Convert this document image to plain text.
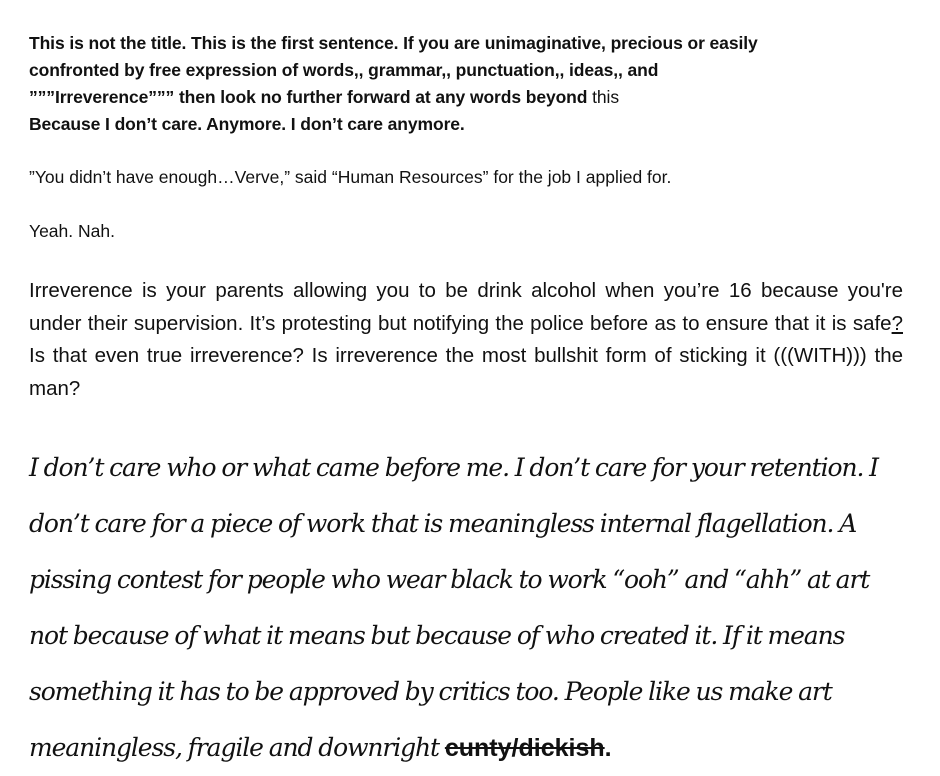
This is not the title. This is the first sentence. If you are unimaginative, precious or easily
confronted by free expression of words,, grammar,, punctuation,, ideas,, and
”””Irreverence””” then look no further forward at any words beyond this
Because I don’t care. Anymore. I don’t care anymore.

”You didn’t have enough…Verve,” said “Human Resources” for the job I applied for.

Yeah. Nah.

Irreverence is your parents allowing you to be drink alcohol when you’re 16 because you're under their supervision. It’s protesting but notifying the police before as to ensure that it is safe? Is that even true irreverence? Is irreverence the most bullshit form of sticking it (((WITH))) the man?

I don’t care who or what came before me. I don’t care for your retention. I don’t care for a piece of work that is meaningless internal flagellation. A pissing contest for people who wear black to work “ooh” and “ahh” at art not because of what it means but because of who created it. If it means something it has to be approved by critics too. People like us make art meaningless, fragile and downright cunty/dickish.
